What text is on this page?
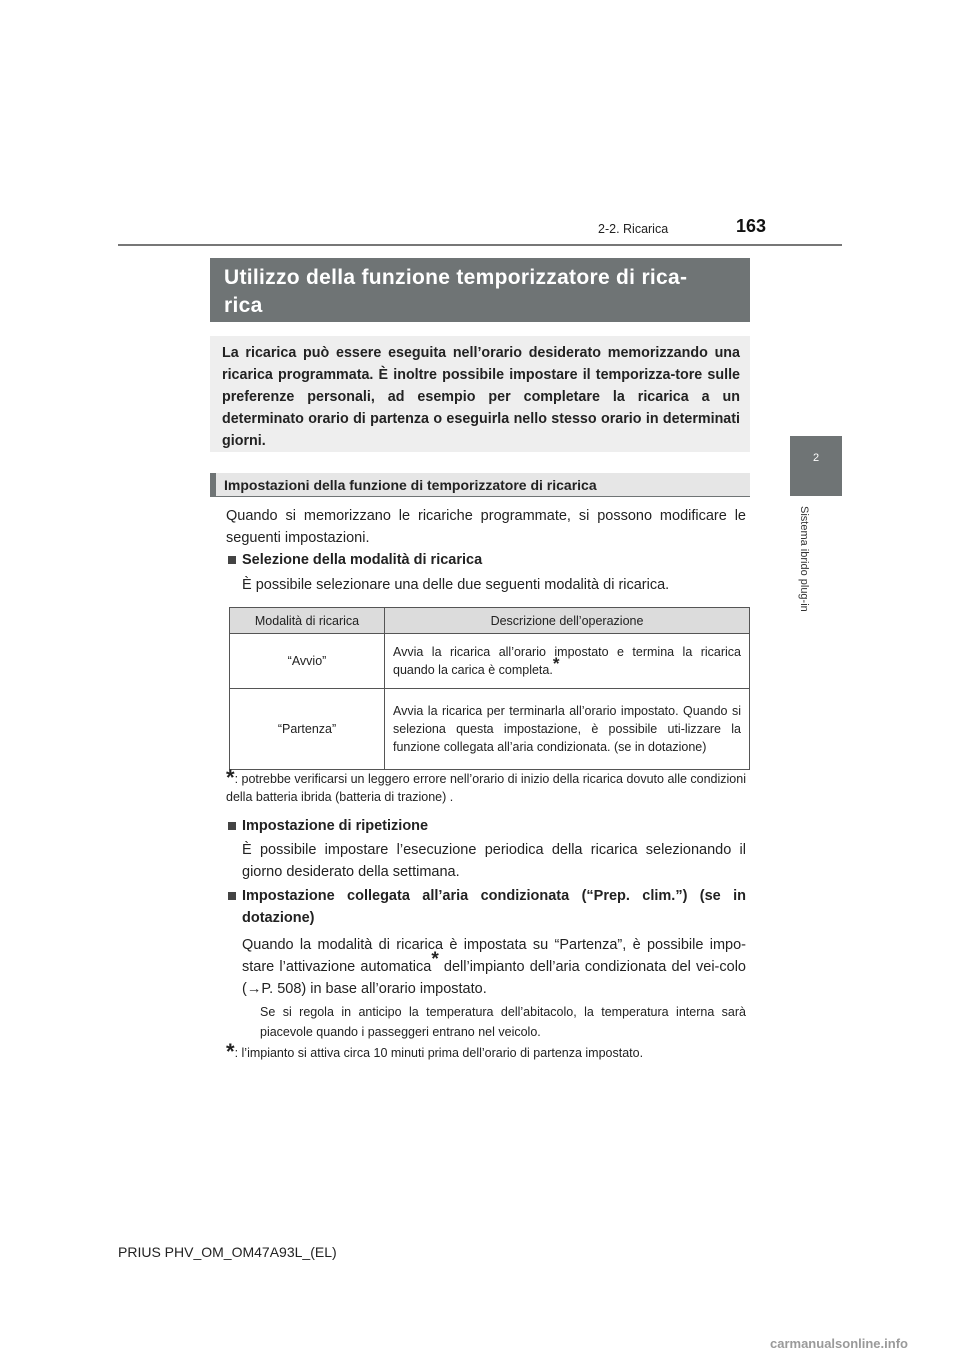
2-2. Ricarica	163
2
Sistema ibrido plug-in
Utilizzo della funzione temporizzatore di rica-
rica
La ricarica può essere eseguita nell’orario desiderato memorizzando una ricarica programmata. È inoltre possibile impostare il temporizza-tore sulle preferenze personali, ad esempio per completare la ricarica a un determinato orario di partenza o eseguirla nello stesso orario in determinati giorni.
Impostazioni della funzione di temporizzatore di ricarica
Quando si memorizzano le ricariche programmate, si possono modificare le seguenti impostazioni.
Selezione della modalità di ricarica
È possibile selezionare una delle due seguenti modalità di ricarica.
Modalità di ricarica	Descrizione dell’operazione
“Avvio”	Avvia la ricarica all’orario impostato e termina la ricarica quando la carica è completa.*
“Partenza”	Avvia la ricarica per terminarla all’orario impostato. Quando si seleziona questa impostazione, è possibile uti-lizzare la funzione collegata all’aria condizionata. (se in dotazione)
*: potrebbe verificarsi un leggero errore nell’orario di inizio della ricarica dovuto alle condizioni della batteria ibrida (batteria di trazione) .
Impostazione di ripetizione
È possibile impostare l’esecuzione periodica della ricarica selezionando il giorno desiderato della settimana.
Impostazione collegata all’aria condizionata (“Prep. clim.”) (se in dotazione)
Quando la modalità di ricarica è impostata su “Partenza”, è possibile impo-stare l’attivazione automatica* dell’impianto dell’aria condizionata del vei-colo (→P. 508) in base all’orario impostato.
Se si regola in anticipo la temperatura dell’abitacolo, la temperatura interna sarà piacevole quando i passeggeri entrano nel veicolo.
*: l’impianto si attiva circa 10 minuti prima dell’orario di partenza impostato.
PRIUS PHV_OM_OM47A93L_(EL)
carmanualsonline.info
